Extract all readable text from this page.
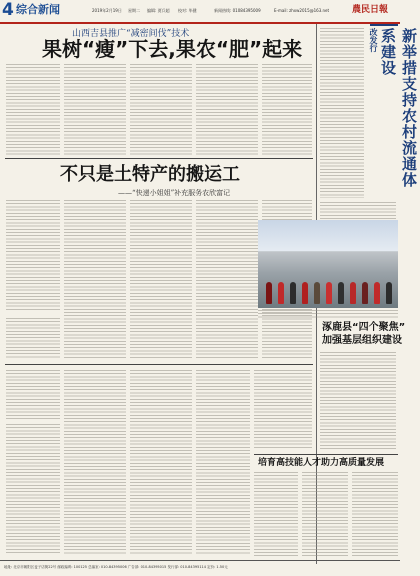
4 综合新闻	2019年2月19日 星期二 编辑: 贾兵超 校对: 毕健	新闻热线: 01084395009	E-mail: zhxw2015@163.net	農民日報
山西吉县推广“减密间伐”技术
果树“瘦”下去,果农“肥”起来
不只是土特产的搬运工
——“快递小姐姐”补充服务农欣富记
改发行	新举措支持农村流通体系建设
涿鹿县“四个聚焦”
加强基层组织建设
培育高技能人才助力高质量发展
地址: 北京市朝阳区麦子店街22号 邮政编码: 100125 总编室: 010-84395006 广告部: 010-84395015 发行部: 010-84395114 定价: 1.50元
